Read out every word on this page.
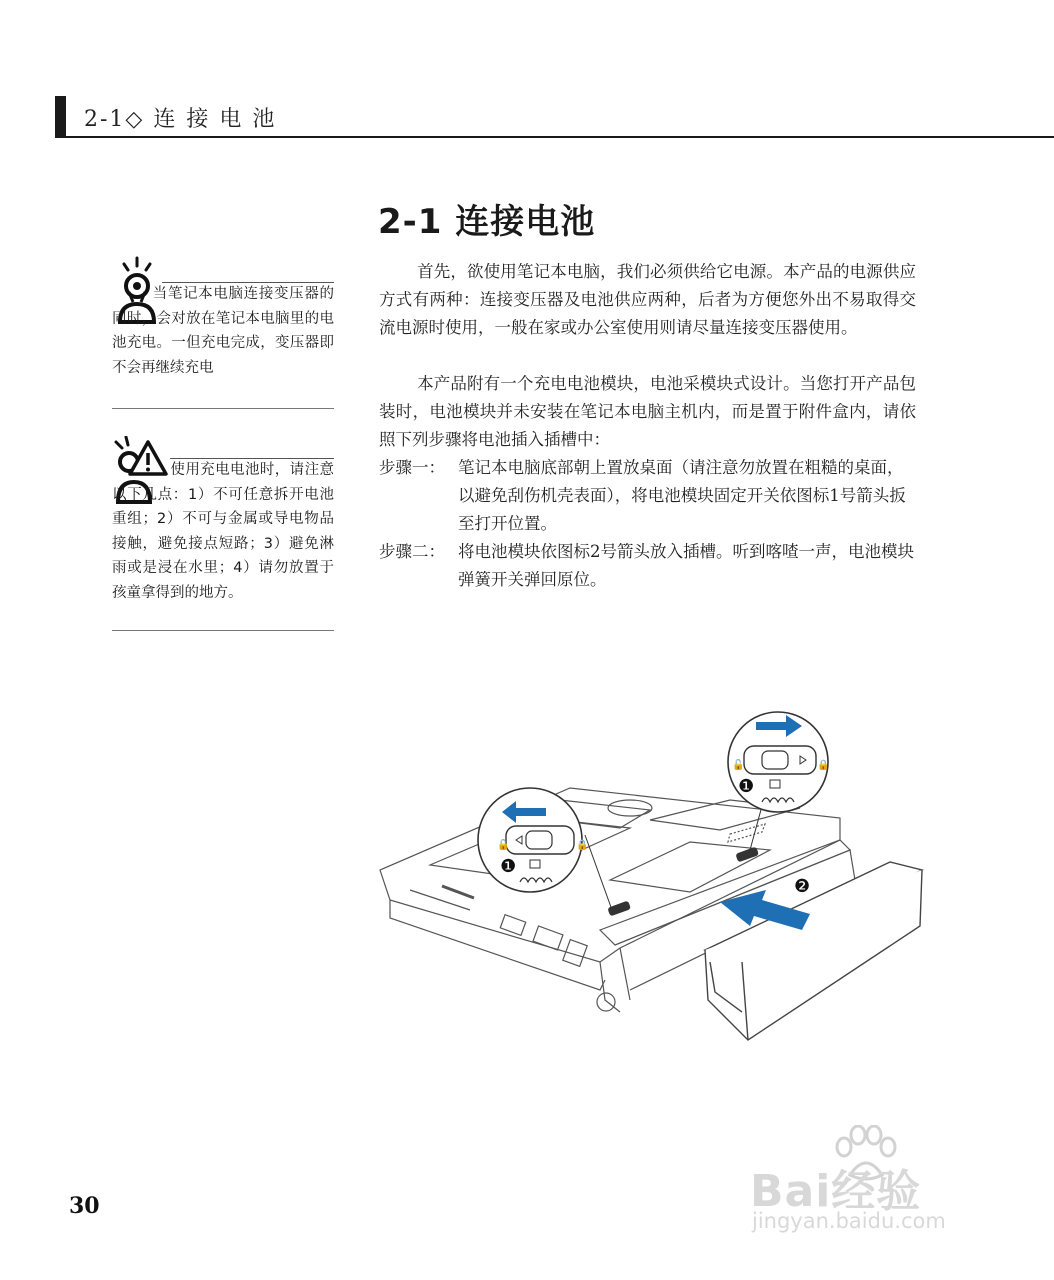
2-1◇ 连 接 电 池
2-1 连接电池
首先，欲使用笔记本电脑，我们必须供给它电源。本产品的电源供应方式有两种：连接变压器及电池供应两种，后者为方便您外出不易取得交流电源时使用，一般在家或办公室使用则请尽量连接变压器使用。
本产品附有一个充电电池模块，电池采模块式设计。当您打开产品包装时，电池模块并未安装在笔记本电脑主机内，而是置于附件盒内，请依照下列步骤将电池插入插槽中：
步骤一： 笔记本电脑底部朝上置放桌面（请注意勿放置在粗糙的桌面，以避免刮伤机壳表面），将电池模块固定开关依图标1号箭头扳至打开位置。
步骤二： 将电池模块依图标2号箭头放入插槽。听到喀喳一声，电池模块弹簧开关弹回原位。
当笔记本电脑连接变压器的同时，会对放在笔记本电脑里的电池充电。一但充电完成，变压器即不会再继续充电
使用充电电池时，请注意以下几点：1）不可任意拆开电池重组；2）不可与金属或导电物品接触，避免接点短路；3）避免淋雨或是浸在水里；4）请勿放置于孩童拿得到的地方。
🔓	🔒
❶
🔓	🔒
❶
❷
30	Bai经验
jingyan.baidu.com
